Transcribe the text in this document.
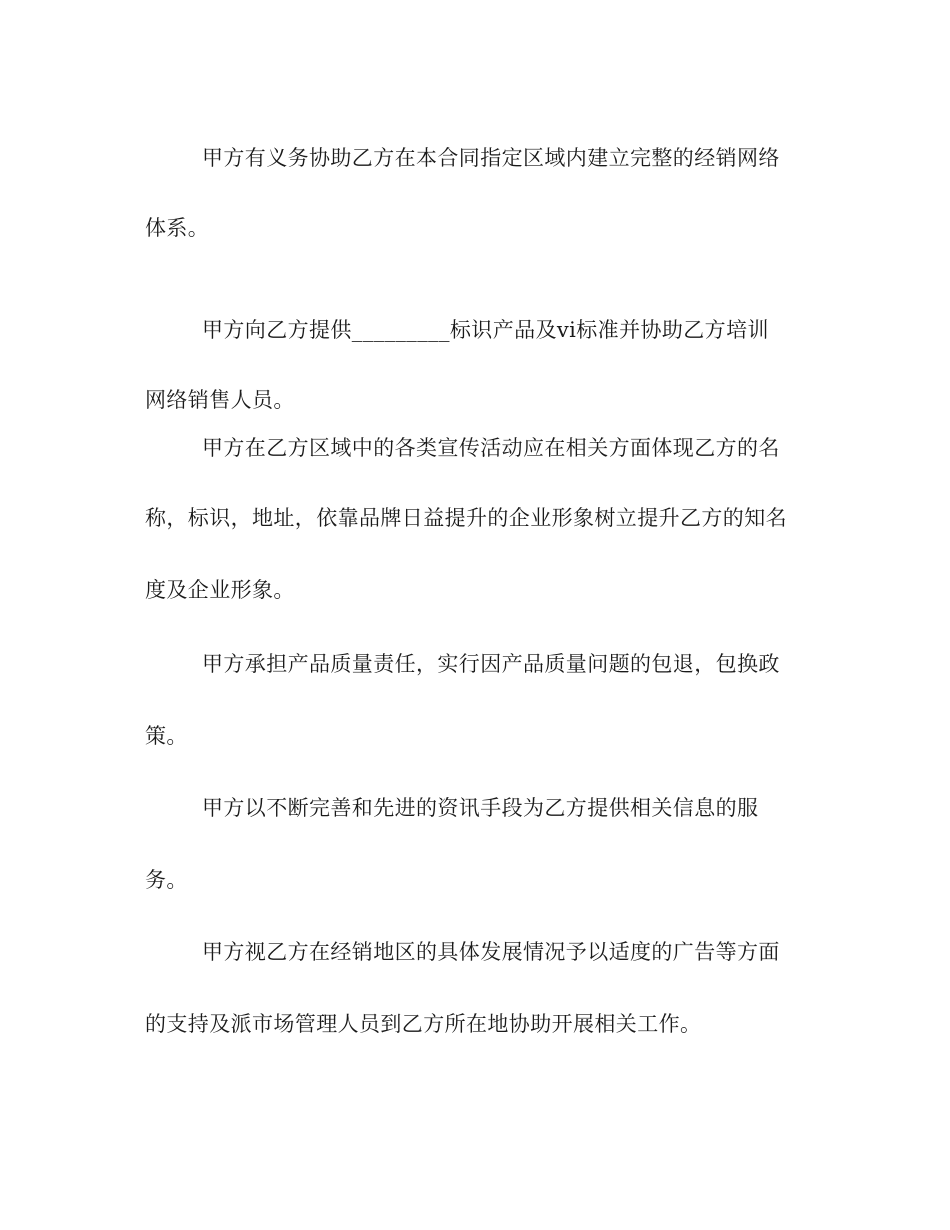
甲方有义务协助乙方在本合同指定区域内建立完整的经销网络
体系。
甲方向乙方提供_________标识产品及vi标准并协助乙方培训
网络销售人员。
甲方在乙方区域中的各类宣传活动应在相关方面体现乙方的名
称，标识，地址，依靠品牌日益提升的企业形象树立提升乙方的知名
度及企业形象。
甲方承担产品质量责任，实行因产品质量问题的包退，包换政
策。
甲方以不断完善和先进的资讯手段为乙方提供相关信息的服
务。
甲方视乙方在经销地区的具体发展情况予以适度的广告等方面
的支持及派市场管理人员到乙方所在地协助开展相关工作。
